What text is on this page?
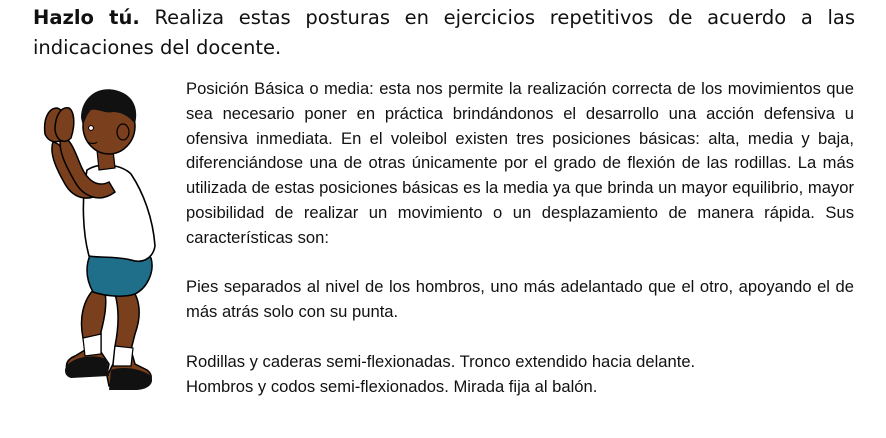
Hazlo tú. Realiza estas posturas en ejercicios repetitivos de acuerdo a las indicaciones del docente.

Posición Básica o media: esta nos permite la realización correcta de los movimientos que sea necesario poner en práctica brindándonos el desarrollo una acción defensiva u ofensiva inmediata. En el voleibol existen tres posiciones básicas: alta, media y baja, diferenciándose una de otras únicamente por el grado de flexión de las rodillas. La más utilizada de estas posiciones básicas es la media ya que brinda un mayor equilibrio, mayor posibilidad de realizar un movimiento o un desplazamiento de manera rápida. Sus características son:

Pies separados al nivel de los hombros, uno más adelantado que el otro, apoyando el de más atrás solo con su punta.

Rodillas y caderas semi-flexionadas. Tronco extendido hacia delante.

Hombros y codos semi-flexionados. Mirada fija al balón.
